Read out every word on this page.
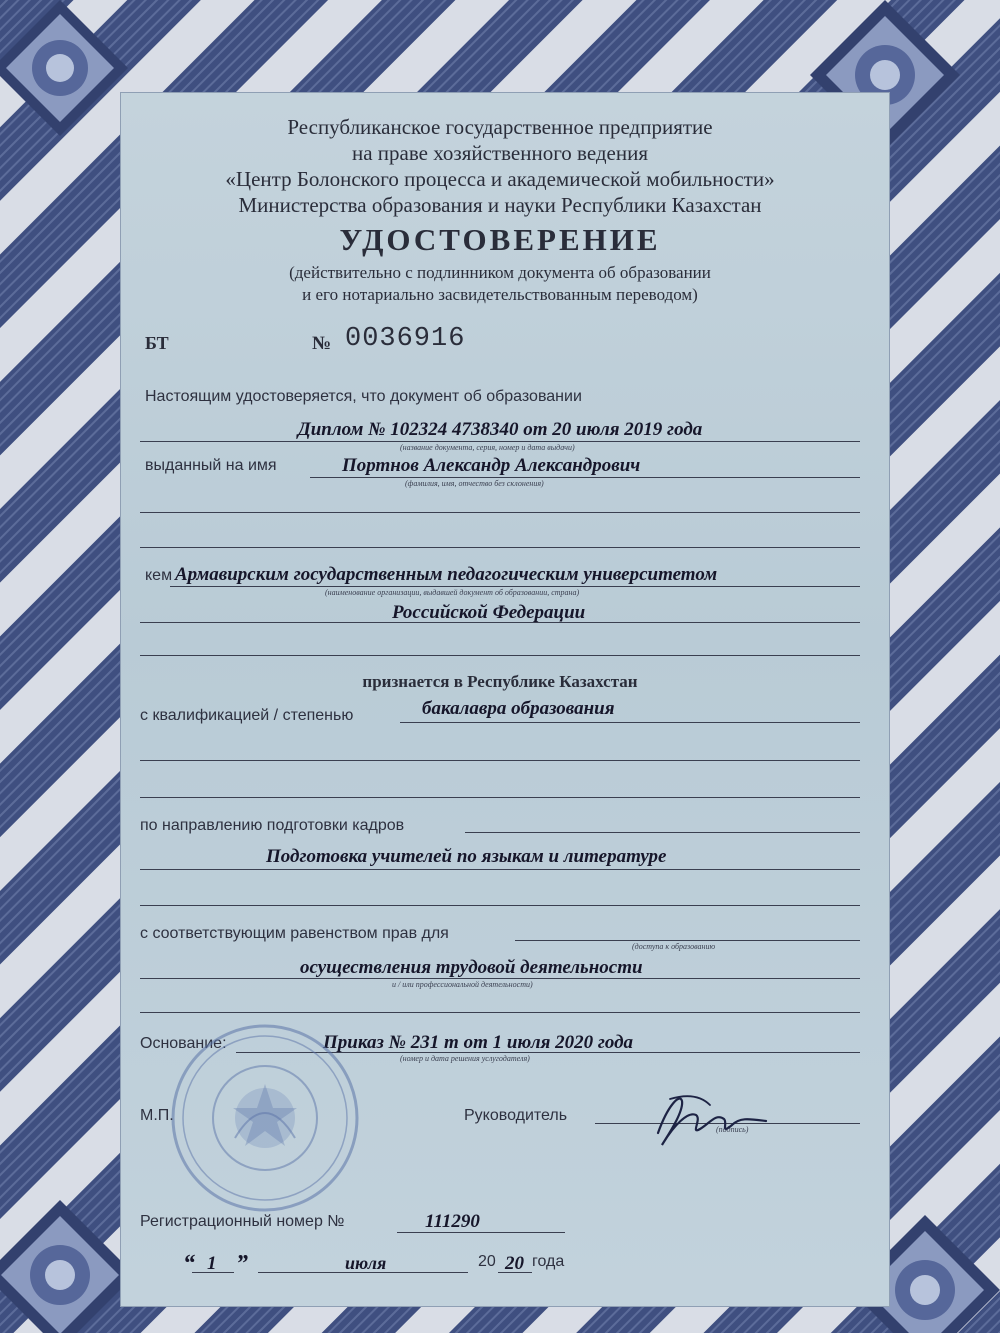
Республиканское государственное предприятие
на праве хозяйственного ведения
«Центр Болонского процесса и академической мобильности»
Министерства образования и науки Республики Казахстан
УДОСТОВЕРЕНИЕ
(действительно с подлинником документа об образовании
и его нотариально засвидетельствованным переводом)
БТ	№ 0036916
Настоящим удостоверяется, что документ об образовании
Диплом № 102324 4738340 от 20 июля 2019 года
(название документа, серия, номер и дата выдачи)
выданный на имя	Портнов Александр Александрович
(фамилия, имя, отчество без склонения)
кем Армавирским государственным педагогическим университетом
(наименование организации, выдавшей документ об образовании, страна)
Российской Федерации
признается в Республике Казахстан
с квалификацией / степенью	бакалавра образования
по направлению подготовки кадров
Подготовка учителей по языкам и литературе
с соответствующим равенством прав для
(доступа к образованию
осуществления трудовой деятельности
и / или профессиональной деятельности)
Основание:	Приказ № 231 т от 1 июля 2020 года
(номер и дата решения услугодателя)
М.П.	Руководитель
(подпись)
Регистрационный номер №	111290
“ 1 ”	июля	20 20 года
